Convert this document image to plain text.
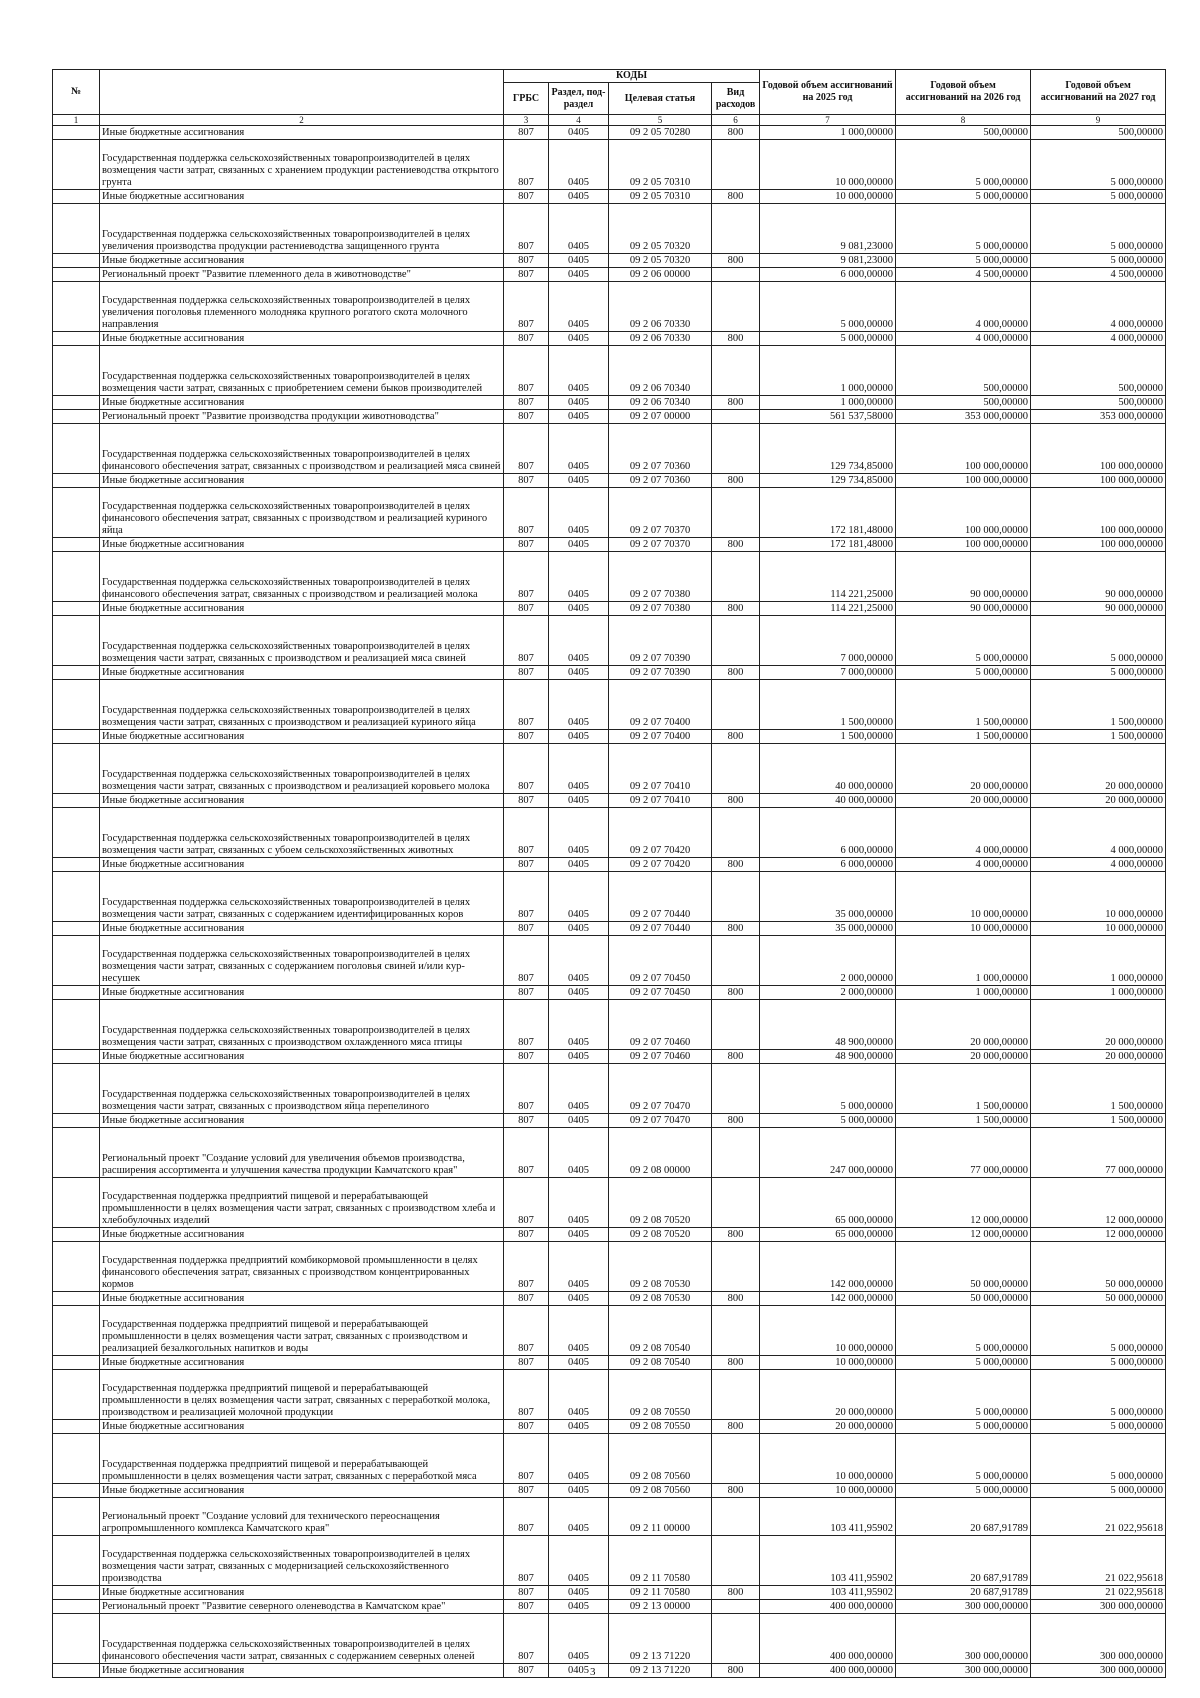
№		КОДЫ				Годовой объем ассигнований на 2025 год	Годовой объем ассигнований на 2026 год	Годовой объем ассигнований на 2027 год
		ГРБС	Раздел, под-раздел	Целевая статья	Вид расходов			
1	2	3	4	5	6	7	8	9
	Иные бюджетные ассигнования	807	0405	09 2 05 70280	800	1 000,00000	500,00000	500,00000
	Государственная поддержка сельскохозяйственных товаропроизводителей в целях возмещения части затрат, связанных с хранением продукции растениеводства открытого грунта	807	0405	09 2 05 70310		10 000,00000	5 000,00000	5 000,00000
	Иные бюджетные ассигнования	807	0405	09 2 05 70310	800	10 000,00000	5 000,00000	5 000,00000
	Государственная поддержка сельскохозяйственных товаропроизводителей в целях увеличения производства продукции растениеводства защищенного грунта	807	0405	09 2 05 70320		9 081,23000	5 000,00000	5 000,00000
	Иные бюджетные ассигнования	807	0405	09 2 05 70320	800	9 081,23000	5 000,00000	5 000,00000
	Региональный проект "Развитие племенного дела в животноводстве"	807	0405	09 2 06 00000		6 000,00000	4 500,00000	4 500,00000
	Государственная поддержка сельскохозяйственных товаропроизводителей в целях увеличения поголовья племенного молодняка крупного рогатого скота молочного направления	807	0405	09 2 06 70330		5 000,00000	4 000,00000	4 000,00000
	Иные бюджетные ассигнования	807	0405	09 2 06 70330	800	5 000,00000	4 000,00000	4 000,00000
	Государственная поддержка сельскохозяйственных товаропроизводителей в целях возмещения части затрат, связанных с приобретением семени быков производителей	807	0405	09 2 06 70340		1 000,00000	500,00000	500,00000
	Иные бюджетные ассигнования	807	0405	09 2 06 70340	800	1 000,00000	500,00000	500,00000
	Региональный проект "Развитие производства продукции животноводства"	807	0405	09 2 07 00000		561 537,58000	353 000,00000	353 000,00000
	Государственная поддержка сельскохозяйственных товаропроизводителей в целях финансового обеспечения затрат, связанных с производством и реализацией мяса свиней	807	0405	09 2 07 70360		129 734,85000	100 000,00000	100 000,00000
	Иные бюджетные ассигнования	807	0405	09 2 07 70360	800	129 734,85000	100 000,00000	100 000,00000
	Государственная поддержка сельскохозяйственных товаропроизводителей в целях финансового обеспечения затрат, связанных с производством и реализацией куриного яйца	807	0405	09 2 07 70370		172 181,48000	100 000,00000	100 000,00000
	Иные бюджетные ассигнования	807	0405	09 2 07 70370	800	172 181,48000	100 000,00000	100 000,00000
	Государственная поддержка сельскохозяйственных товаропроизводителей в целях финансового обеспечения затрат, связанных с производством и реализацией молока	807	0405	09 2 07 70380		114 221,25000	90 000,00000	90 000,00000
	Иные бюджетные ассигнования	807	0405	09 2 07 70380	800	114 221,25000	90 000,00000	90 000,00000
	Государственная поддержка сельскохозяйственных товаропроизводителей в целях возмещения части затрат, связанных с производством и реализацией мяса свиней	807	0405	09 2 07 70390		7 000,00000	5 000,00000	5 000,00000
	Иные бюджетные ассигнования	807	0405	09 2 07 70390	800	7 000,00000	5 000,00000	5 000,00000
	Государственная поддержка сельскохозяйственных товаропроизводителей в целях возмещения части затрат, связанных с производством и реализацией куриного яйца	807	0405	09 2 07 70400		1 500,00000	1 500,00000	1 500,00000
	Иные бюджетные ассигнования	807	0405	09 2 07 70400	800	1 500,00000	1 500,00000	1 500,00000
	Государственная поддержка сельскохозяйственных товаропроизводителей в целях возмещения части затрат, связанных с производством и реализацией коровьего молока	807	0405	09 2 07 70410		40 000,00000	20 000,00000	20 000,00000
	Иные бюджетные ассигнования	807	0405	09 2 07 70410	800	40 000,00000	20 000,00000	20 000,00000
	Государственная поддержка сельскохозяйственных товаропроизводителей в целях возмещения части затрат, связанных с убоем сельскохозяйственных животных	807	0405	09 2 07 70420		6 000,00000	4 000,00000	4 000,00000
	Иные бюджетные ассигнования	807	0405	09 2 07 70420	800	6 000,00000	4 000,00000	4 000,00000
	Государственная поддержка сельскохозяйственных товаропроизводителей в целях возмещения части затрат, связанных с содержанием идентифицированных коров	807	0405	09 2 07 70440		35 000,00000	10 000,00000	10 000,00000
	Иные бюджетные ассигнования	807	0405	09 2 07 70440	800	35 000,00000	10 000,00000	10 000,00000
	Государственная поддержка сельскохозяйственных товаропроизводителей в целях возмещения части затрат, связанных с содержанием поголовья свиней и/или кур-несушек	807	0405	09 2 07 70450		2 000,00000	1 000,00000	1 000,00000
	Иные бюджетные ассигнования	807	0405	09 2 07 70450	800	2 000,00000	1 000,00000	1 000,00000
	Государственная поддержка сельскохозяйственных товаропроизводителей в целях возмещения части затрат, связанных с производством охлажденного мяса птицы	807	0405	09 2 07 70460		48 900,00000	20 000,00000	20 000,00000
	Иные бюджетные ассигнования	807	0405	09 2 07 70460	800	48 900,00000	20 000,00000	20 000,00000
	Государственная поддержка сельскохозяйственных товаропроизводителей в целях возмещения части затрат, связанных с производством яйца перепелиного	807	0405	09 2 07 70470		5 000,00000	1 500,00000	1 500,00000
	Иные бюджетные ассигнования	807	0405	09 2 07 70470	800	5 000,00000	1 500,00000	1 500,00000
	Региональный проект "Создание условий для увеличения объемов производства, расширения ассортимента и улучшения качества продукции Камчатского края"	807	0405	09 2 08 00000		247 000,00000	77 000,00000	77 000,00000
	Государственная поддержка предприятий пищевой и перерабатывающей промышленности в целях возмещения части затрат, связанных с производством хлеба и хлебобулочных изделий	807	0405	09 2 08 70520		65 000,00000	12 000,00000	12 000,00000
	Иные бюджетные ассигнования	807	0405	09 2 08 70520	800	65 000,00000	12 000,00000	12 000,00000
	Государственная поддержка предприятий комбикормовой промышленности в целях финансового обеспечения затрат, связанных с производством концентрированных кормов	807	0405	09 2 08 70530		142 000,00000	50 000,00000	50 000,00000
	Иные бюджетные ассигнования	807	0405	09 2 08 70530	800	142 000,00000	50 000,00000	50 000,00000
	Государственная поддержка предприятий пищевой и перерабатывающей промышленности в целях возмещения части затрат, связанных с производством и реализацией безалкогольных напитков и воды	807	0405	09 2 08 70540		10 000,00000	5 000,00000	5 000,00000
	Иные бюджетные ассигнования	807	0405	09 2 08 70540	800	10 000,00000	5 000,00000	5 000,00000
	Государственная поддержка предприятий пищевой и перерабатывающей промышленности в целях возмещения части затрат, связанных с переработкой молока, производством и реализацией молочной продукции	807	0405	09 2 08 70550		20 000,00000	5 000,00000	5 000,00000
	Иные бюджетные ассигнования	807	0405	09 2 08 70550	800	20 000,00000	5 000,00000	5 000,00000
	Государственная поддержка предприятий пищевой и перерабатывающей промышленности в целях возмещения части затрат, связанных с переработкой мяса	807	0405	09 2 08 70560		10 000,00000	5 000,00000	5 000,00000
	Иные бюджетные ассигнования	807	0405	09 2 08 70560	800	10 000,00000	5 000,00000	5 000,00000
	Региональный проект "Создание условий для технического переоснащения агропромышленного комплекса Камчатского края"	807	0405	09 2 11 00000		103 411,95902	20 687,91789	21 022,95618
	Государственная поддержка сельскохозяйственных товаропроизводителей в целях возмещения части затрат, связанных с модернизацией сельскохозяйственного производства	807	0405	09 2 11 70580		103 411,95902	20 687,91789	21 022,95618
	Иные бюджетные ассигнования	807	0405	09 2 11 70580	800	103 411,95902	20 687,91789	21 022,95618
	Региональный проект "Развитие северного оленеводства в Камчатском крае"	807	0405	09 2 13 00000		400 000,00000	300 000,00000	300 000,00000
	Государственная поддержка сельскохозяйственных товаропроизводителей в целях финансового обеспечения части затрат, связанных с содержанием северных оленей	807	0405	09 2 13 71220		400 000,00000	300 000,00000	300 000,00000
	Иные бюджетные ассигнования	807	0405	09 2 13 71220	800	400 000,00000	300 000,00000	300 000,00000
3
